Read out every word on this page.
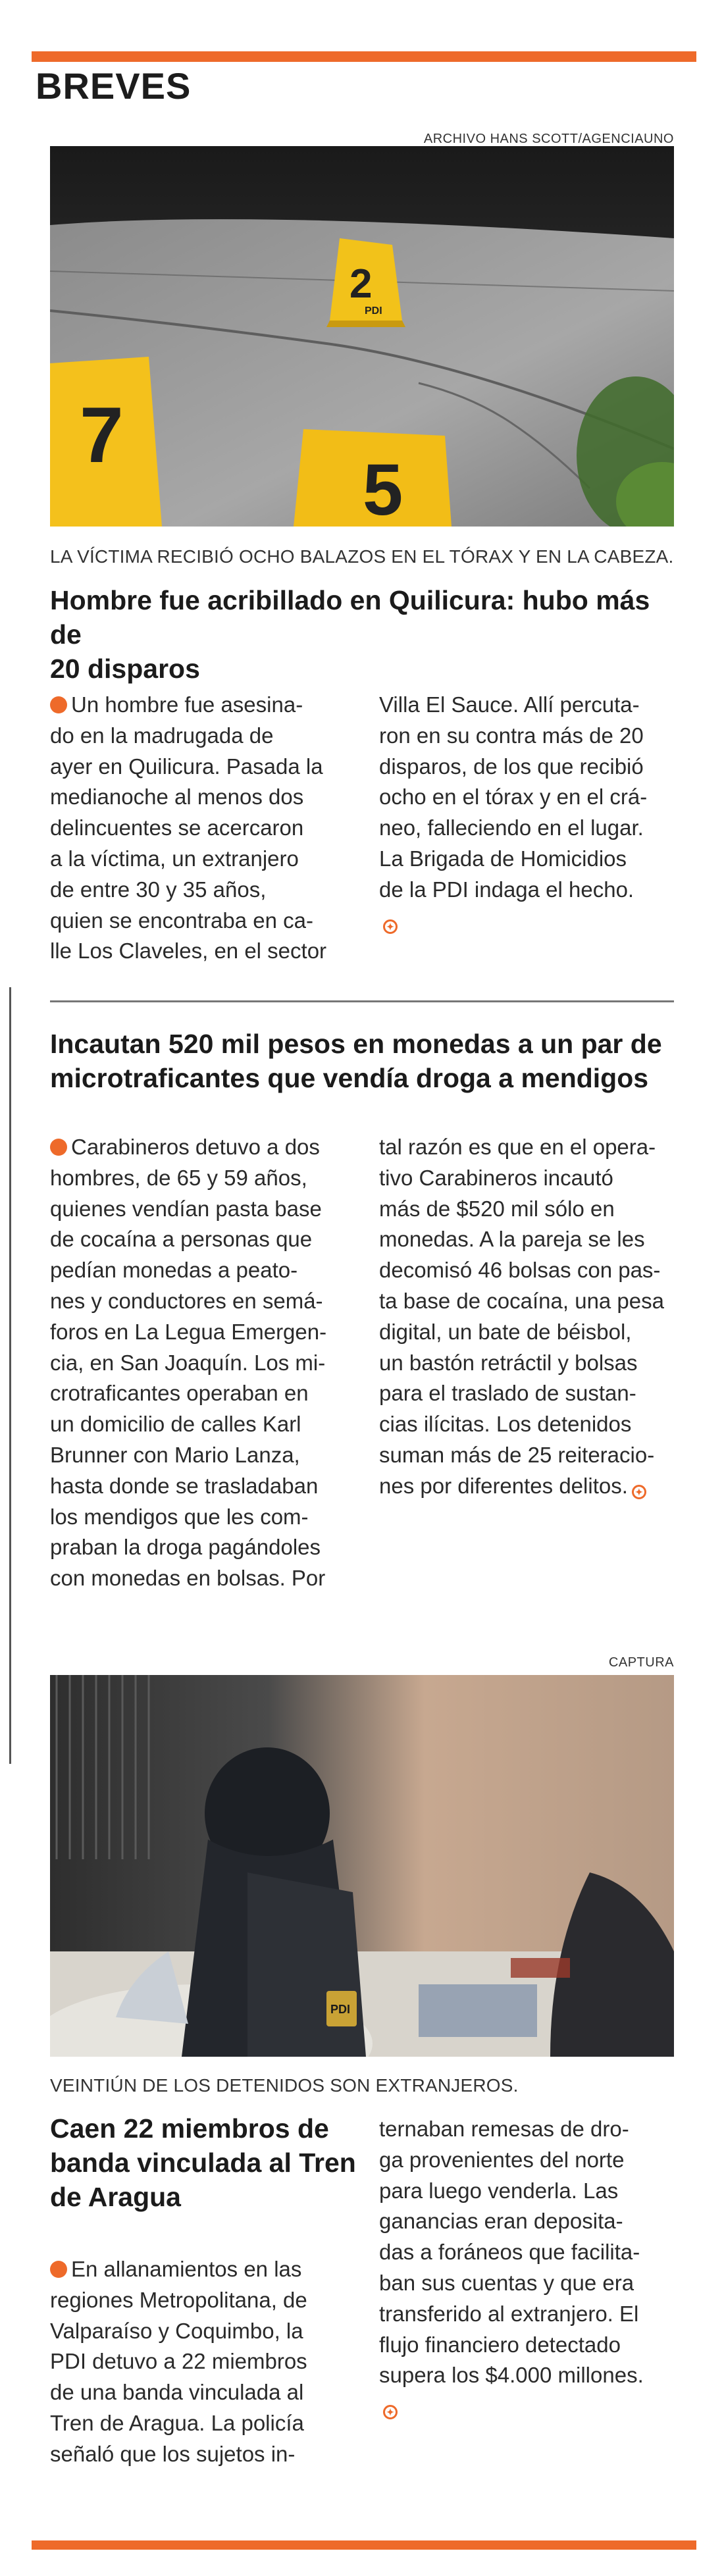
BREVES
ARCHIVO HANS SCOTT/AGENCIAUNO
2
PDI
7
5
LA VÍCTIMA RECIBIÓ OCHO BALAZOS EN EL TÓRAX Y EN LA CABEZA.
Hombre fue acribillado en Quilicura: hubo más de
20 disparos
Un hombre fue asesina-
do en la madrugada de
ayer en Quilicura. Pasada la
medianoche al menos dos
delincuentes se acercaron
a la víctima, un extranjero
de entre 30 y 35 años,
quien se encontraba en ca-
lle Los Claveles, en el sector
Villa El Sauce. Allí percuta-
ron en su contra más de 20
disparos, de los que recibió
ocho en el tórax y en el crá-
neo, falleciendo en el lugar.
La Brigada de Homicidios
de la PDI indaga el hecho.
✦
Incautan 520 mil pesos en monedas a un par de
microtraficantes que vendía droga a mendigos
Carabineros detuvo a dos
hombres, de 65 y 59 años,
quienes vendían pasta base
de cocaína a personas que
pedían monedas a peato-
nes y conductores en semá-
foros en La Legua Emergen-
cia, en San Joaquín. Los mi-
crotraficantes operaban en
un domicilio de calles Karl
Brunner con Mario Lanza,
hasta donde se trasladaban
los mendigos que les com-
praban la droga pagándoles
con monedas en bolsas. Por
tal razón es que en el opera-
tivo Carabineros incautó
más de $520 mil sólo en
monedas. A la pareja se les
decomisó 46 bolsas con pas-
ta base de cocaína, una pesa
digital, un bate de béisbol,
un bastón retráctil y bolsas
para el traslado de sustan-
cias ilícitas. Los detenidos
suman más de 25 reiteracio-
nes por diferentes delitos. ✦
CAPTURA
PDI
VEINTIÚN DE LOS DETENIDOS SON EXTRANJEROS.
Caen 22 miembros de
banda vinculada al Tren
de Aragua
En allanamientos en las
regiones Metropolitana, de
Valparaíso y Coquimbo, la
PDI detuvo a 22 miembros
de una banda vinculada al
Tren de Aragua. La policía
señaló que los sujetos in-
ternaban remesas de dro-
ga provenientes del norte
para luego venderla. Las
ganancias eran deposita-
das a foráneos que facilita-
ban sus cuentas y que era
transferido al extranjero. El
flujo financiero detectado
supera los $4.000 millones.
✦
